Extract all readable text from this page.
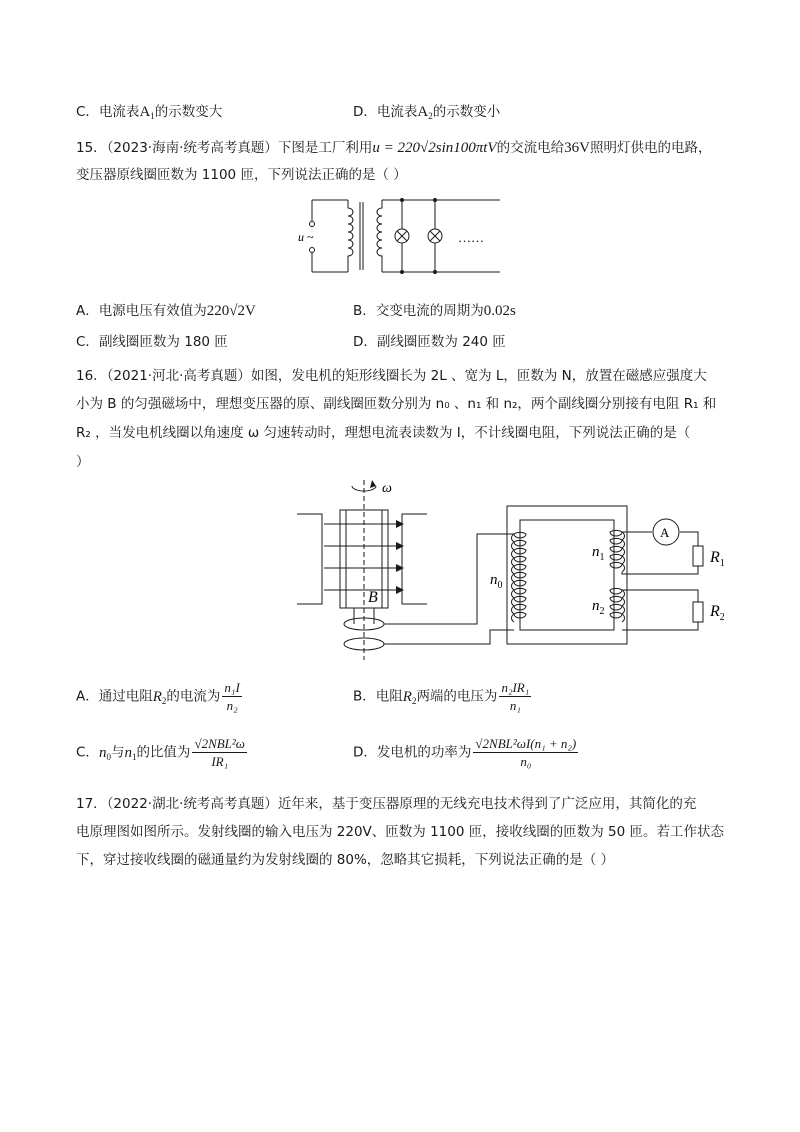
C．电流表$A_1$的示数变大	D．电流表$A_2$的示数变小
15．（2023·海南·统考高考真题）下图是工厂利用u = 220√2sin100πtV的交流电给36V照明灯供电的电路，
变压器原线圈匝数为 1100 匝，下列说法正确的是（ ）
u ~	……
A．电源电压有效值为220√2V	B．交变电流的周期为0.02s
C．副线圈匝数为 180 匝	D．副线圈匝数为 240 匝
16．（2021·河北·高考真题）如图，发电机的矩形线圈长为 2L 、宽为 L，匝数为 N，放置在磁感应强度大
小为 B 的匀强磁场中，理想变压器的原、副线圈匝数分别为 n₀ 、n₁ 和 n₂，两个副线圈分别接有电阻 R₁ 和
R₂ ，当发电机线圈以角速度 ω 匀速转动时，理想电流表读数为 I，不计线圈电阻，下列说法正确的是（
）
ω
B
A
$n_0$
$n_1$
$n_2$
$R_1$
$R_2$
A．通过电阻$R_2$的电流为 $\frac{\text{n₁I}}{\text{n₂}}$	B．电阻$R_2$两端的电压为 $\frac{\text{n₂IR₁}}{\text{n₁}}$
C．$n_0$与$n_1$的比值为 $\frac{\text{√2NBL²ω}}{\text{IR₁}}$	D．发电机的功率为 $\frac{\text{√2NBL²ωI(n₁ + n₂)}}{\text{n₀}}$
17．（2022·湖北·统考高考真题）近年来，基于变压器原理的无线充电技术得到了广泛应用，其简化的充
电原理图如图所示。发射线圈的输入电压为 220V、匝数为 1100 匝，接收线圈的匝数为 50 匝。若工作状态
下，穿过接收线圈的磁通量约为发射线圈的 80%，忽略其它损耗，下列说法正确的是（ ）
